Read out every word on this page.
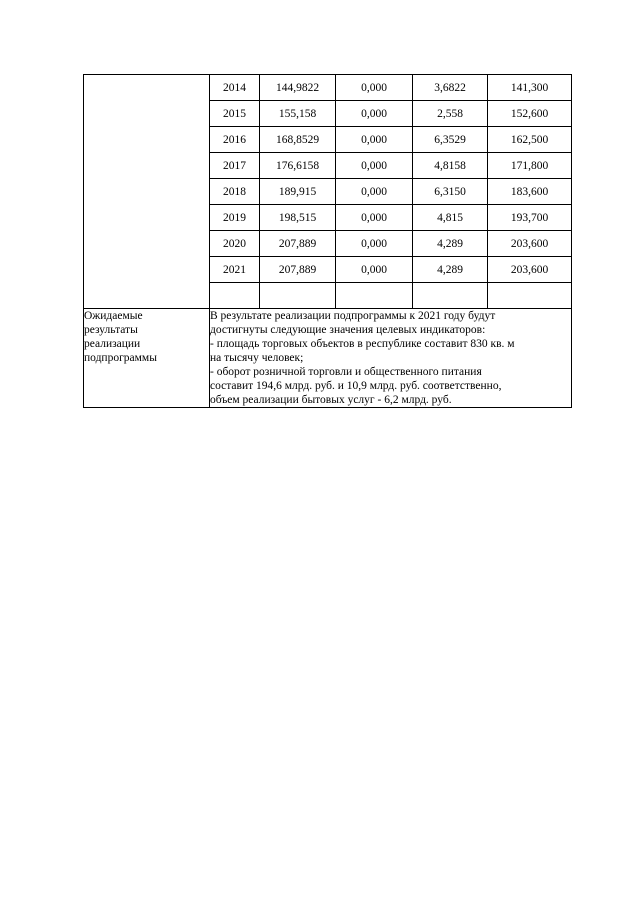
2014	144,9822	0,000	3,6822	141,300
2015	155,158	0,000	2,558	152,600
2016	168,8529	0,000	6,3529	162,500
2017	176,6158	0,000	4,8158	171,800
2018	189,915	0,000	6,3150	183,600
2019	198,515	0,000	4,815	193,700
2020	207,889	0,000	4,289	203,600
2021	207,889	0,000	4,289	203,600

Ожидаемые
результаты
реализации
подпрограммы

В результате реализации подпрограммы к 2021 году будут
достигнуты следующие значения целевых индикаторов:
- площадь торговых объектов в республике составит 830 кв. м
на тысячу человек;
- оборот розничной торговли и общественного питания
составит 194,6 млрд. руб. и 10,9 млрд. руб. соответственно,
объем реализации бытовых услуг - 6,2 млрд. руб.
